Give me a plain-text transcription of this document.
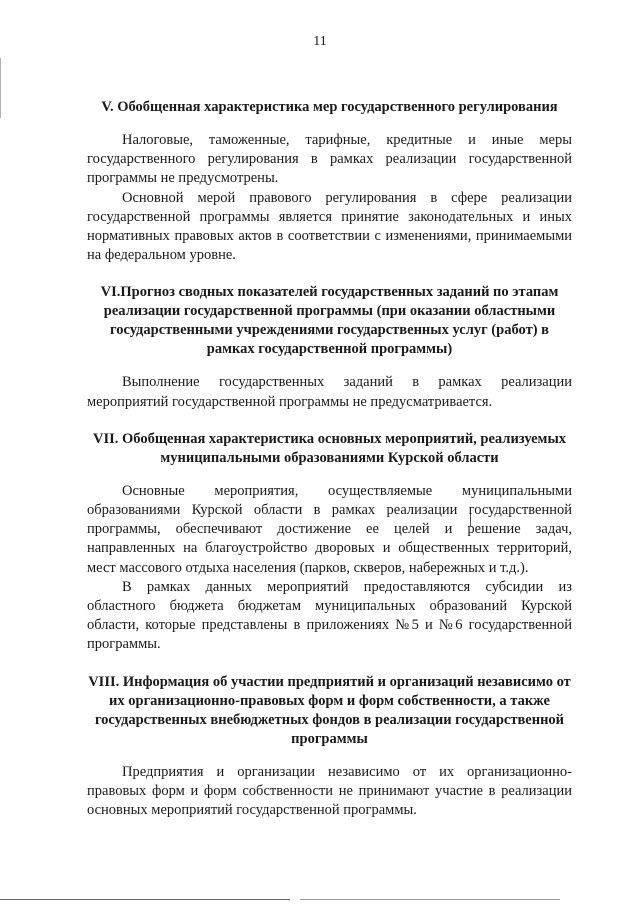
11
V. Обобщенная характеристика мер государственного регулирования

Налоговые, таможенные, тарифные, кредитные и иные меры государственного регулирования в рамках реализации государственной программы не предусмотрены.

Основной мерой правового регулирования в сфере реализации государственной программы является принятие законодательных и иных нормативных правовых актов в соответствии с изменениями, принимаемыми на федеральном уровне.

VI.Прогноз сводных показателей государственных заданий по этапам реализации государственной программы (при оказании областными государственными учреждениями государственных услуг (работ) в рамках государственной программы)

Выполнение государственных заданий в рамках реализации мероприятий государственной программы не предусматривается.

VII. Обобщенная характеристика основных мероприятий, реализуемых муниципальными образованиями Курской области

Основные мероприятия, осуществляемые муниципальными образованиями Курской области в рамках реализации государственной программы, обеспечивают достижение ее целей и решение задач, направленных на благоустройство дворовых и общественных территорий, мест массового отдыха населения (парков, скверов, набережных и т.д.).

В рамках данных мероприятий предоставляются субсидии из областного бюджета бюджетам муниципальных образований Курской области, которые представлены в приложениях №5 и №6 государственной программы.

VIII. Информация об участии предприятий и организаций независимо от их организационно-правовых форм и форм собственности, а также государственных внебюджетных фондов в реализации государственной программы

Предприятия и организации независимо от их организационно-правовых форм и форм собственности не принимают участие в реализации основных мероприятий государственной программы.
